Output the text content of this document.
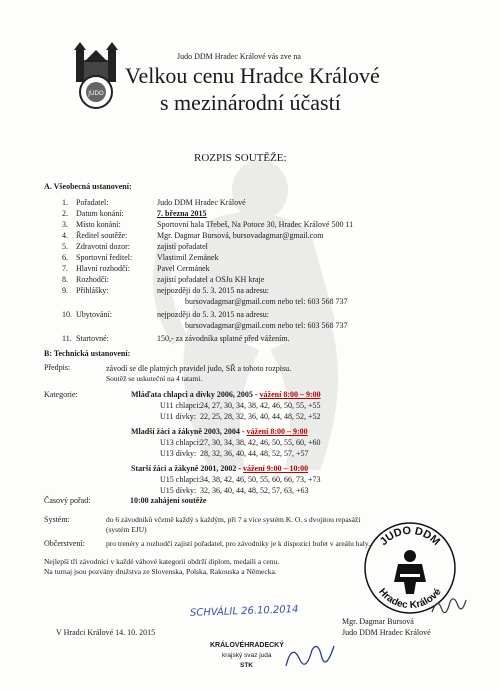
JUDO
Judo DDM Hradec Králové vás zve na
Velkou cenu Hradce Králové
s mezinárodní účastí
ROZPIS SOUTĚŽE:
A. Všeobecná ustanovení:
1. Pořadatel:	Judo DDM Hradec Králové
2. Datum konání:	7. března 2015
3. Místo konání:	Sportovní hala Třebeš, Na Potoce 30, Hradec Králové 500 11
4. Ředitel soutěže:	Mgr. Dagmar Bursová, bursovadagmar@gmail.com
5. Zdravotní dozor:	zajistí pořadatel
6. Sportovní ředitel:	Vlastimil Zemánek
7. Hlavní rozhodčí:	Pavel Cermánek
8. Rozhodčí:	zajistí pořadatel a OSJu KH kraje
9. Přihlášky:	nejpozději do 5. 3. 2015 na adresu:
bursovadagmar@gmail.com nebo tel: 603 568 737
10. Ubytování:	nejpozději do 5. 3. 2015 na adresu:
bursovadagmar@gmail.com nebo tel: 603 568 737
11. Startovné:	150,- za závodníka splatné před vážením.
B: Technická ustanovení:
Předpis:	závodí se dle platných pravidel judo, SŘ a tohoto rozpisu.
Soutěž se uskuteční na 4 tatami.
Kategorie:	Mláďata chlapci a dívky 2006, 2005 - vážení 8:00 – 9:00
U11 chlapci: 24, 27, 30, 34, 38, 42, 46, 50, 55, +55
U11 dívky: 22, 25, 28, 32, 36, 40, 44, 48, 52, +52
Mladší žáci a žákyně 2003, 2004 - vážení 8:00 – 9:00
U13 chlapci:
27, 30, 34, 38, 42, 46, 50, 55, 60, +60
U13 dívky: 28, 32, 36, 40, 44, 48, 52, 57, +57
Starší žáci a žákyně 2001, 2002 - vážení 9:00 – 10:00
U15 chlapci:
34, 38, 42, 46, 50, 55, 60, 66, 73, +73
U15 dívky: 32, 36, 40, 44, 48, 52, 57, 63, +63
Časový pořad:	10:00 zahájení soutěže
Systém:	do 6 závodníků včetně každý s každým, při 7 a více systém K. O. s dvojitou repasáží
(systém EJU)
Občerstvení:	pro trenéry a rozhodčí zajistí pořadatel, pro závodníky je k dispozici bufet v areálu haly.
Nejlepší tři závodníci v každé váhové kategorii obdrží diplom, medaili a cenu.
Na turnaj jsou pozvány družstva ze Slovenska, Polska, Rakouska a Německa.
JUDO DDM
Hradec Králové
SCHVÁLIL 26.10.2014
V Hradci Králové 14. 10. 2015
Mgr. Dagmar Bursová
Judo DDM Hradec Králové
KRÁLOVÉHRADECKÝ
krajský svaz juda
STK
